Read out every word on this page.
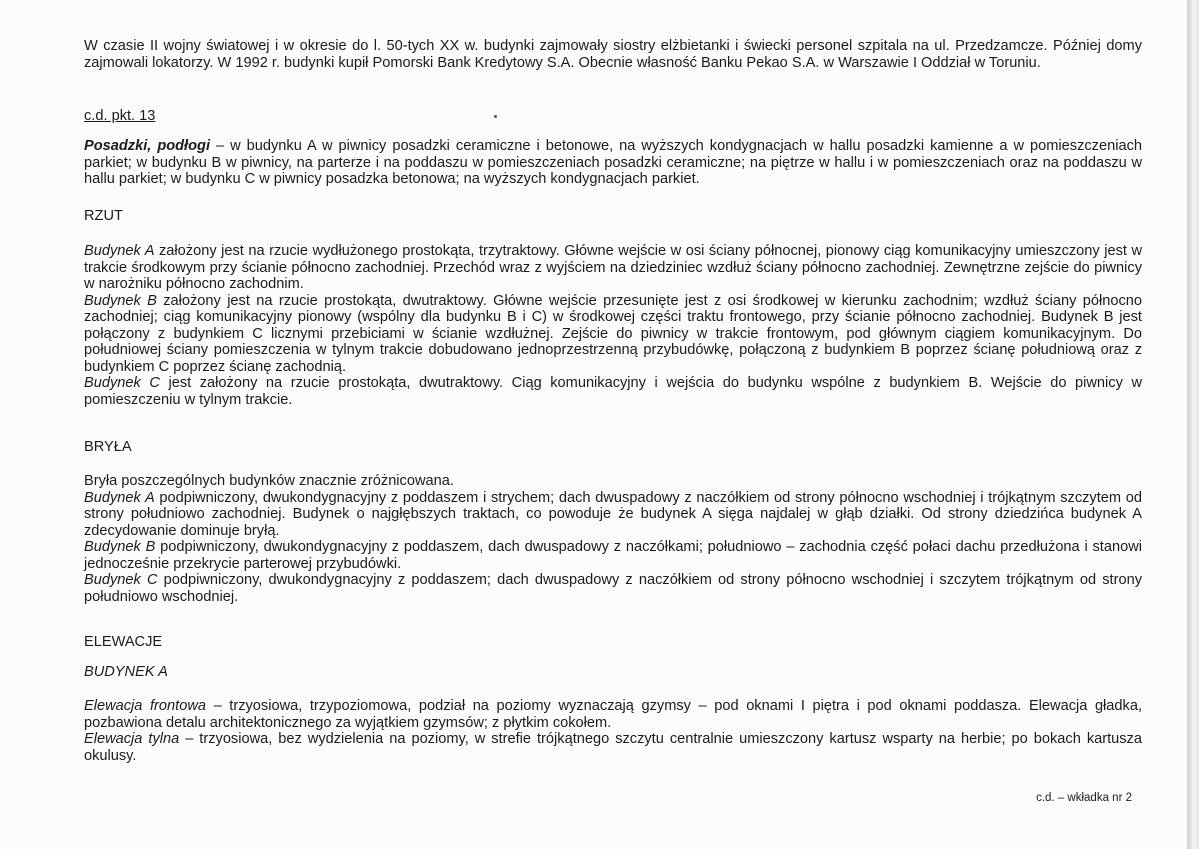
W czasie II wojny światowej i w okresie do l. 50-tych XX w. budynki zajmowały siostry elżbietanki i świecki personel szpitala na ul. Przedzamcze. Później domy zajmowali lokatorzy. W 1992 r. budynki kupił Pomorski Bank Kredytowy S.A. Obecnie własność Banku Pekao S.A. w Warszawie I Oddział w Toruniu.

c.d. pkt. 13

Posadzki, podłogi – w budynku A w piwnicy posadzki ceramiczne i betonowe, na wyższych kondygnacjach w hallu posadzki kamienne a w pomieszczeniach parkiet; w budynku B w piwnicy, na parterze i na poddaszu w pomieszczeniach posadzki ceramiczne; na piętrze w hallu i w pomieszczeniach oraz na poddaszu w hallu parkiet; w budynku C w piwnicy posadzka betonowa; na wyższych kondygnacjach parkiet.

RZUT

Budynek A założony jest na rzucie wydłużonego prostokąta, trzytraktowy. Główne wejście w osi ściany północnej, pionowy ciąg komunikacyjny umieszczony jest w trakcie środkowym przy ścianie północno zachodniej. Przechód wraz z wyjściem na dziedziniec wzdłuż ściany północno zachodniej. Zewnętrzne zejście do piwnicy w narożniku północno zachodnim.
Budynek B założony jest na rzucie prostokąta, dwutraktowy. Główne wejście przesunięte jest z osi środkowej w kierunku zachodnim; wzdłuż ściany północno zachodniej; ciąg komunikacyjny pionowy (wspólny dla budynku B i C) w środkowej części traktu frontowego, przy ścianie północno zachodniej. Budynek B jest połączony z budynkiem C licznymi przebiciami w ścianie wzdłużnej. Zejście do piwnicy w trakcie frontowym, pod głównym ciągiem komunikacyjnym. Do południowej ściany pomieszczenia w tylnym trakcie dobudowano jednoprzestrzenną przybudówkę, połączoną z budynkiem B poprzez ścianę południową oraz z budynkiem C poprzez ścianę zachodnią.
Budynek C jest założony na rzucie prostokąta, dwutraktowy. Ciąg komunikacyjny i wejścia do budynku wspólne z budynkiem B. Wejście do piwnicy w pomieszczeniu w tylnym trakcie.

BRYŁA

Bryła poszczególnych budynków znacznie zróżnicowana.
Budynek A podpiwniczony, dwukondygnacyjny z poddaszem i strychem; dach dwuspadowy z naczółkiem od strony północno wschodniej i trójkątnym szczytem od strony południowo zachodniej. Budynek o najgłębszych traktach, co powoduje że budynek A sięga najdalej w głąb działki. Od strony dziedzińca budynek A zdecydowanie dominuje bryłą.
Budynek B podpiwniczony, dwukondygnacyjny z poddaszem, dach dwuspadowy z naczółkami; południowo – zachodnia część połaci dachu przedłużona i stanowi jednocześnie przekrycie parterowej przybudówki.
Budynek C podpiwniczony, dwukondygnacyjny z poddaszem; dach dwuspadowy z naczółkiem od strony północno wschodniej i szczytem trójkątnym od strony południowo wschodniej.

ELEWACJE

BUDYNEK A

Elewacja frontowa – trzyosiowa, trzypoziomowa, podział na poziomy wyznaczają gzymsy – pod oknami I piętra i pod oknami poddasza. Elewacja gładka, pozbawiona detalu architektonicznego za wyjątkiem gzymsów; z płytkim cokołem.
Elewacja tylna – trzyosiowa, bez wydzielenia na poziomy, w strefie trójkątnego szczytu centralnie umieszczony kartusz wsparty na herbie; po bokach kartusza okulusy.
c.d. – wkładka nr 2
